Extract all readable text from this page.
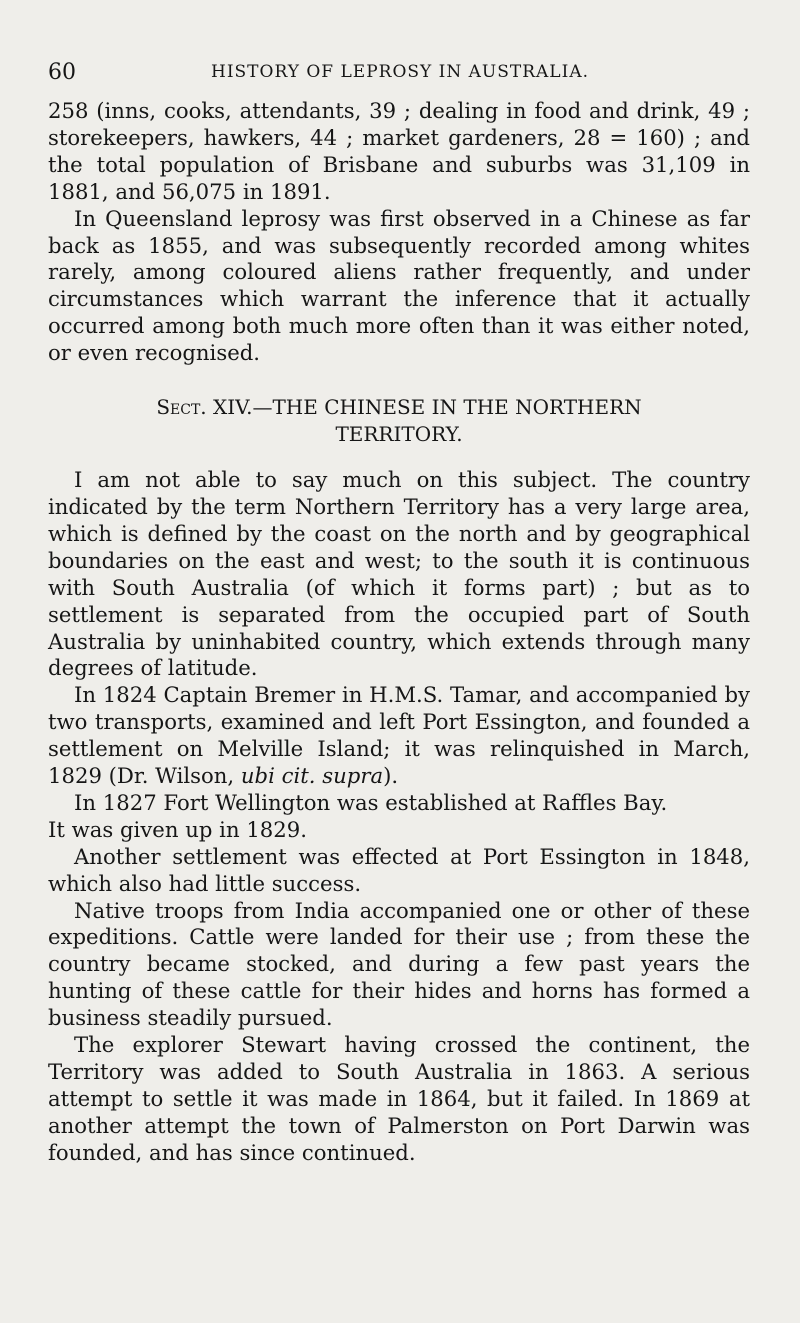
60	HISTORY OF LEPROSY IN AUSTRALIA.

258 (inns, cooks, attendants, 39 ; dealing in food and drink, 49 ; storekeepers, hawkers, 44 ; market gardeners, 28 = 160) ; and the total population of Brisbane and suburbs was 31,109 in 1881, and 56,075 in 1891.

In Queensland leprosy was first observed in a Chinese as far back as 1855, and was subsequently recorded among whites rarely, among coloured aliens rather frequently, and under circumstances which warrant the inference that it actually occurred among both much more often than it was either noted, or even recognised.

Sect. XIV.—THE CHINESE IN THE NORTHERN
TERRITORY.

I am not able to say much on this subject. The country indicated by the term Northern Territory has a very large area, which is defined by the coast on the north and by geographical boundaries on the east and west; to the south it is continuous with South Australia (of which it forms part) ; but as to settlement is separated from the occupied part of South Australia by uninhabited country, which extends through many degrees of latitude.

In 1824 Captain Bremer in H.M.S. Tamar, and accompanied by two transports, examined and left Port Essington, and founded a settlement on Melville Island; it was relinquished in March, 1829 (Dr. Wilson, ubi cit. supra).

In 1827 Fort Wellington was established at Raffles Bay.
It was given up in 1829.

Another settlement was effected at Port Essington in 1848, which also had little success.

Native troops from India accompanied one or other of these expeditions. Cattle were landed for their use ; from these the country became stocked, and during a few past years the hunting of these cattle for their hides and horns has formed a business steadily pursued.

The explorer Stewart having crossed the continent, the Territory was added to South Australia in 1863. A serious attempt to settle it was made in 1864, but it failed. In 1869 at another attempt the town of Palmerston on Port Darwin was founded, and has since continued.
